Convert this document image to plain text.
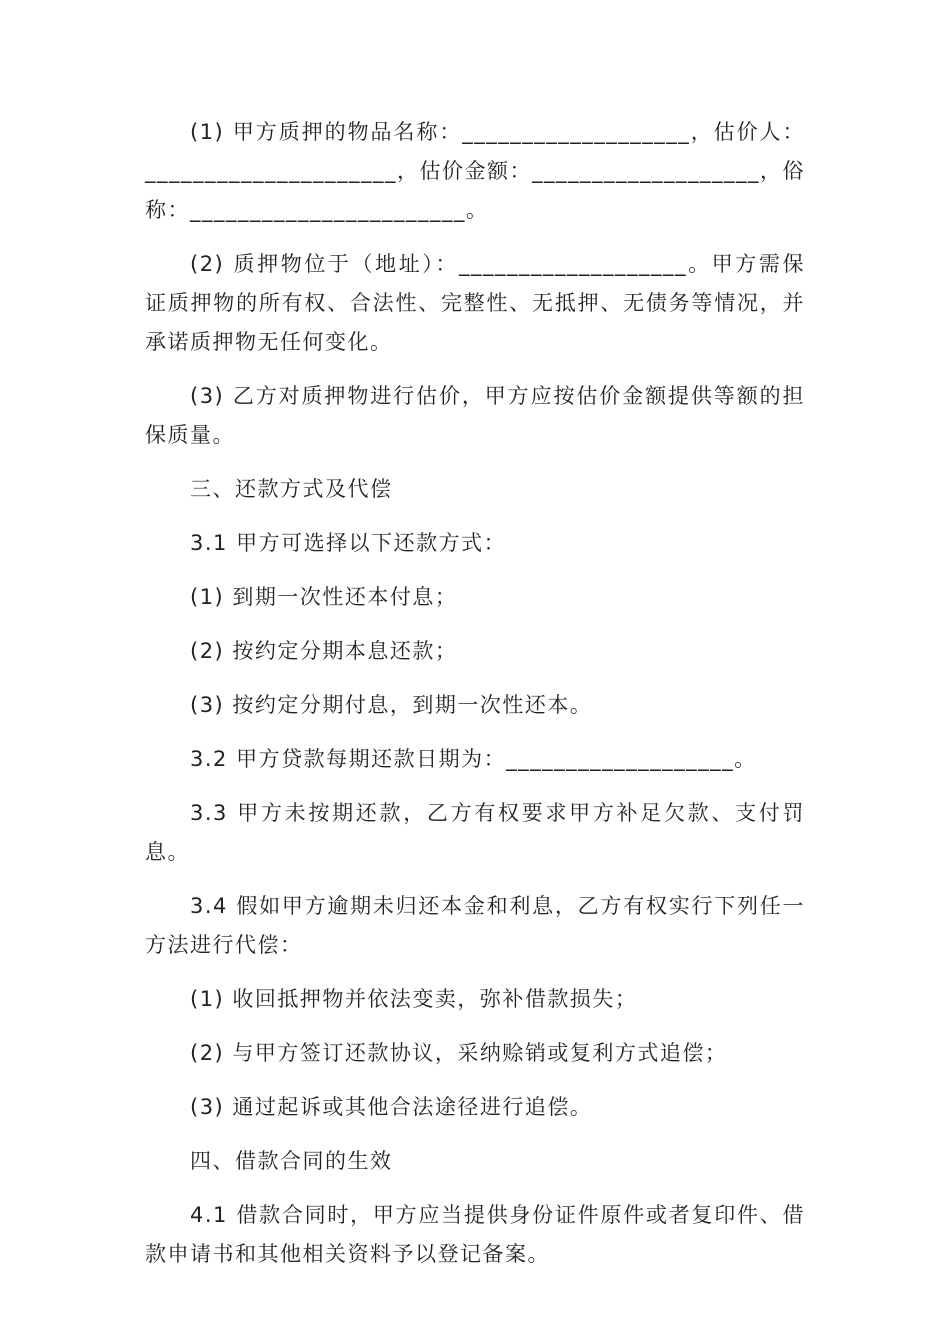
(1) 甲方质押的物品名称：___________________，估价人：_____________________，估价金额：___________________，俗称：_______________________。

(2) 质押物位于（地址）：___________________。甲方需保证质押物的所有权、合法性、完整性、无抵押、无债务等情况，并承诺质押物无任何变化。

(3) 乙方对质押物进行估价，甲方应按估价金额提供等额的担保质量。

三、还款方式及代偿

3.1 甲方可选择以下还款方式：

(1) 到期一次性还本付息；

(2) 按约定分期本息还款；

(3) 按约定分期付息，到期一次性还本。

3.2 甲方贷款每期还款日期为：___________________。

3.3 甲方未按期还款，乙方有权要求甲方补足欠款、支付罚息。

3.4 假如甲方逾期未归还本金和利息，乙方有权实行下列任一方法进行代偿：

(1) 收回抵押物并依法变卖，弥补借款损失；

(2) 与甲方签订还款协议，采纳赊销或复利方式追偿；

(3) 通过起诉或其他合法途径进行追偿。

四、借款合同的生效

4.1 借款合同时，甲方应当提供身份证件原件或者复印件、借款申请书和其他相关资料予以登记备案。
